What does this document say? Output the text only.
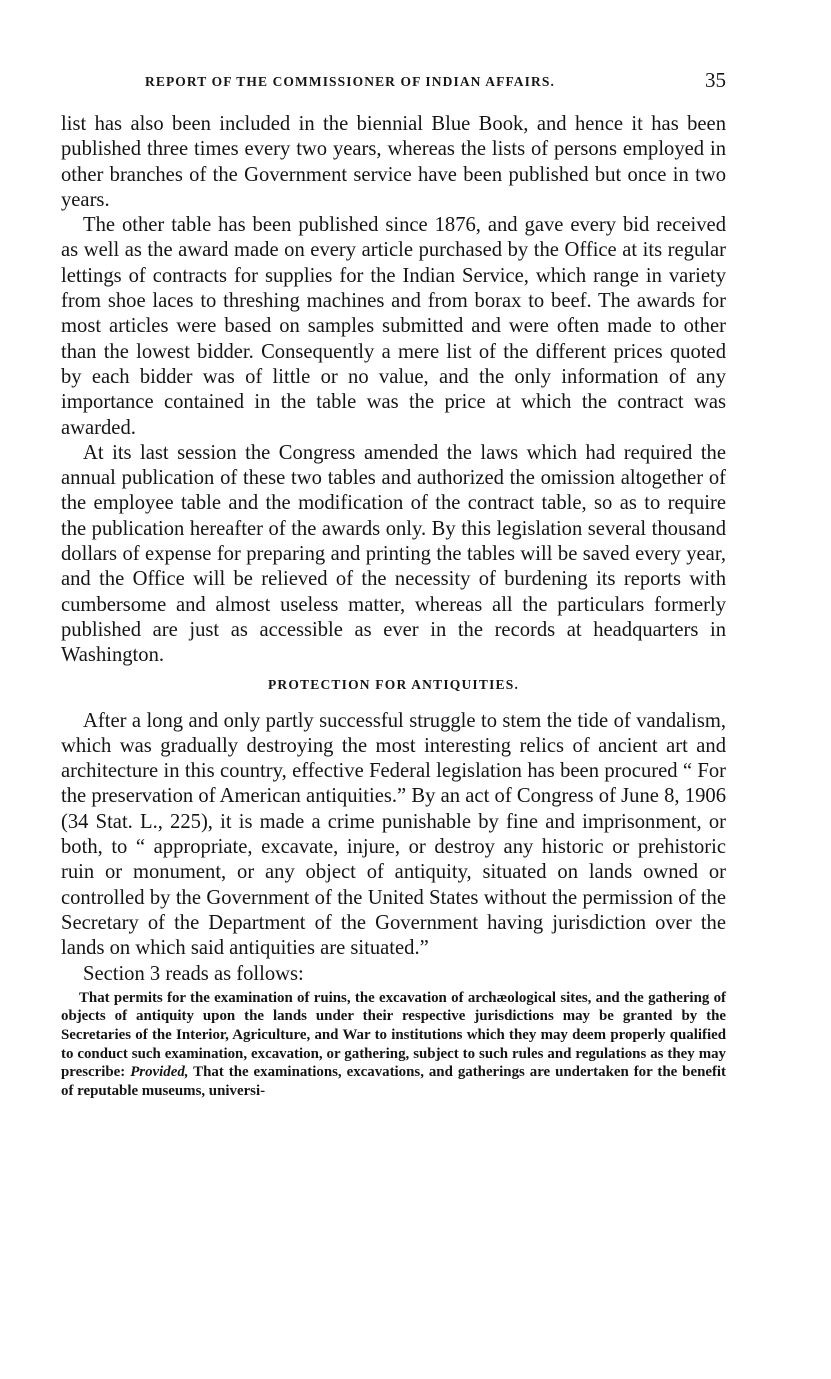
REPORT OF THE COMMISSIONER OF INDIAN AFFAIRS.	35

list has also been included in the biennial Blue Book, and hence it has been published three times every two years, whereas the lists of persons employed in other branches of the Government service have been published but once in two years.

The other table has been published since 1876, and gave every bid received as well as the award made on every article purchased by the Office at its regular lettings of contracts for supplies for the Indian Service, which range in variety from shoe laces to threshing machines and from borax to beef. The awards for most articles were based on samples submitted and were often made to other than the lowest bidder. Consequently a mere list of the different prices quoted by each bidder was of little or no value, and the only information of any importance contained in the table was the price at which the contract was awarded.

At its last session the Congress amended the laws which had required the annual publication of these two tables and authorized the omission altogether of the employee table and the modification of the contract table, so as to require the publication hereafter of the awards only. By this legislation several thousand dollars of expense for preparing and printing the tables will be saved every year, and the Office will be relieved of the necessity of burdening its reports with cumbersome and almost useless matter, whereas all the particulars formerly published are just as accessible as ever in the records at headquarters in Washington.

PROTECTION FOR ANTIQUITIES.

After a long and only partly successful struggle to stem the tide of vandalism, which was gradually destroying the most interesting relics of ancient art and architecture in this country, effective Federal legislation has been procured “ For the preservation of American antiquities.” By an act of Congress of June 8, 1906 (34 Stat. L., 225), it is made a crime punishable by fine and imprisonment, or both, to “ appropriate, excavate, injure, or destroy any historic or prehistoric ruin or monument, or any object of antiquity, situated on lands owned or controlled by the Government of the United States without the permission of the Secretary of the Department of the Government having jurisdiction over the lands on which said antiquities are situated.”

Section 3 reads as follows:

That permits for the examination of ruins, the excavation of archæological sites, and the gathering of objects of antiquity upon the lands under their respective jurisdictions may be granted by the Secretaries of the Interior, Agriculture, and War to institutions which they may deem properly qualified to conduct such examination, excavation, or gathering, subject to such rules and regulations as they may prescribe: Provided, That the examinations, excavations, and gatherings are undertaken for the benefit of reputable museums, universi-
